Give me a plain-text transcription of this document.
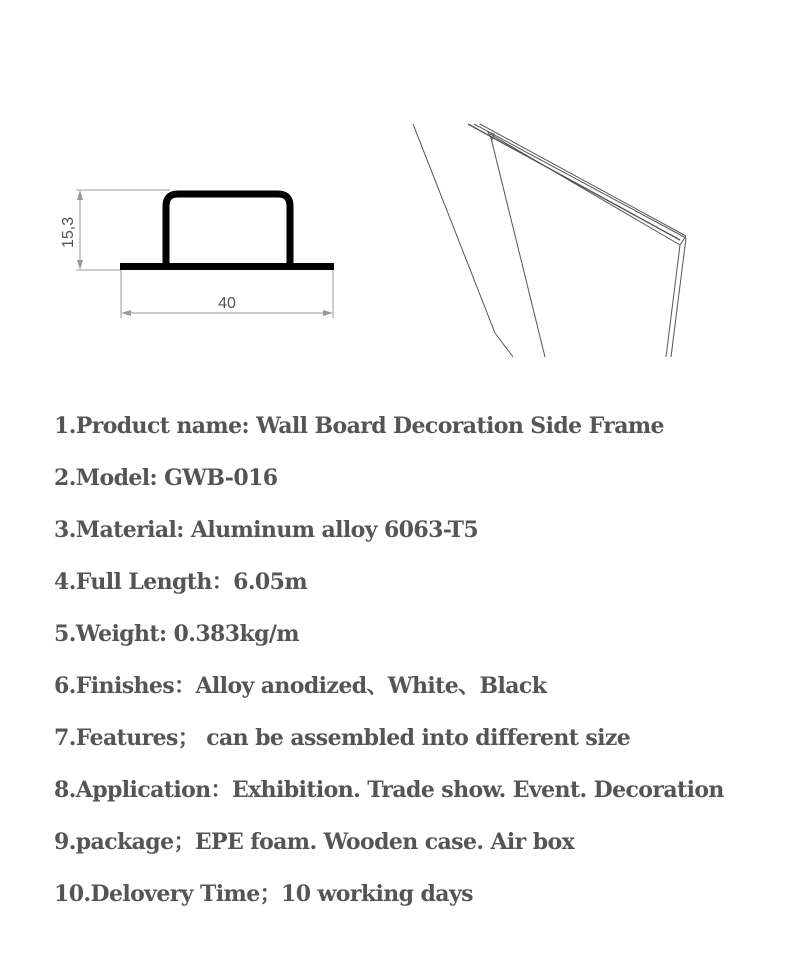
15,3
40
1.Product name: Wall Board Decoration Side Frame
2.Model: GWB-016
3.Material: Aluminum alloy 6063-T5
4.Full Length：6.05m
5.Weight: 0.383kg/m
6.Finishes：Alloy anodized、White、Black
7.Features； can be assembled into different size
8.Application：Exhibition. Trade show. Event. Decoration
9.package；EPE foam. Wooden case. Air box
10.Delovery Time；10 working days
